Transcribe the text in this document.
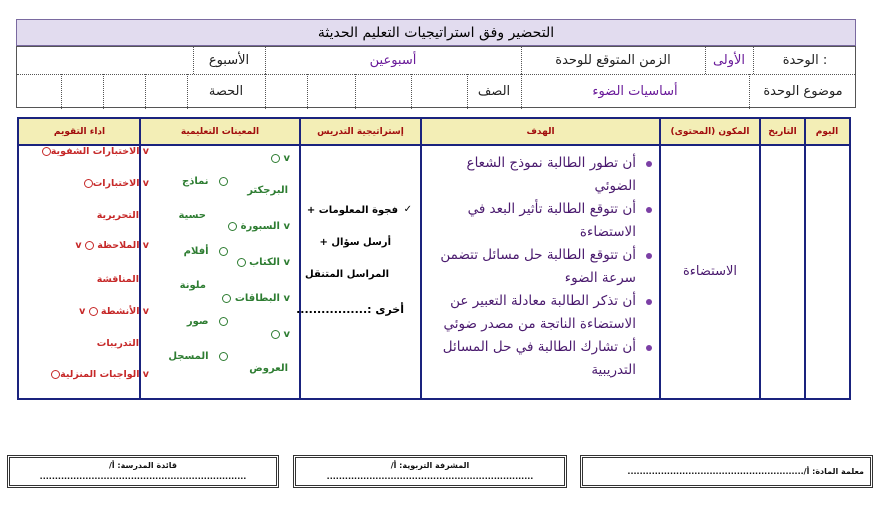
التحضير وفق استراتيجيات التعليم الحديثة
الوحدة :
الأولى
الزمن المتوقع للوحدة
أسبوعين
الأسبوع
موضوع الوحدة
أساسيات الضوء
الصف
الحصة
اليوم
التاريخ
المكون (المحتوى)
الهدف
إستراتيجية التدريس
المعينات التعليمية
اداء التقويم
الاستضاءة
أن تطور الطالبة نموذج الشعاع الضوئي
أن تتوقع الطالبة تأثير البعد في الاستضاءة
أن تتوقع الطالبة حل مسائل تتضمن سرعة الضوء
أن تذكر الطالبة معادلة التعبير عن الاستضاءة الناتجة من مصدر ضوئي
أن تشارك الطالبة في حل المسائل التدريبية
✓
فجوة المعلومات +
أرسل سؤال +
المراسل المتنقل
أخرى :.................
v
البرجكتر
v السبورة
v الكتاب
v البطاقات
v
العروض
نماذج
حسية
أفلام
ملونة
صور
المسجل
v الاختبارات الشفوية
v الاختبارات
التحريرية
v الملاحظة  v
المناقشة
v الأنشطة  v
التدريبات
v الواجبات المنزلية
قائدة المدرسة: أ/
....................................................................
المشرفة التربوية: أ/
....................................................................
معلمة المادة: أ/..........................................................
